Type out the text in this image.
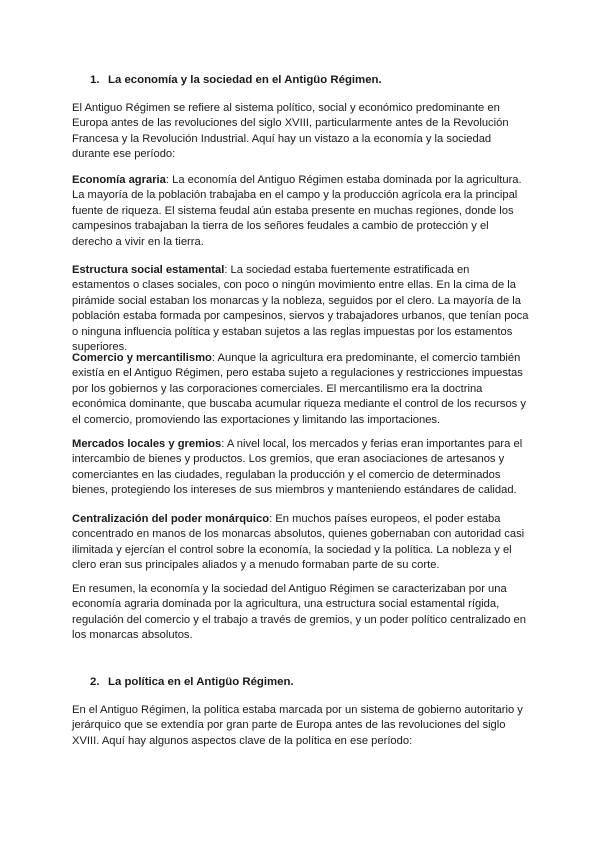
1. La economía y la sociedad en el Antigüo Régimen.

El Antiguo Régimen se refiere al sistema político, social y económico predominante en Europa antes de las revoluciones del siglo XVIII, particularmente antes de la Revolución Francesa y la Revolución Industrial. Aquí hay un vistazo a la economía y la sociedad durante ese período:

Economía agraria: La economía del Antiguo Régimen estaba dominada por la agricultura. La mayoría de la población trabajaba en el campo y la producción agrícola era la principal fuente de riqueza. El sistema feudal aún estaba presente en muchas regiones, donde los campesinos trabajaban la tierra de los señores feudales a cambio de protección y el derecho a vivir en la tierra.

Estructura social estamental: La sociedad estaba fuertemente estratificada en estamentos o clases sociales, con poco o ningún movimiento entre ellas. En la cima de la pirámide social estaban los monarcas y la nobleza, seguidos por el clero. La mayoría de la población estaba formada por campesinos, siervos y trabajadores urbanos, que tenían poca o ninguna influencia política y estaban sujetos a las reglas impuestas por los estamentos superiores.

Comercio y mercantilismo: Aunque la agricultura era predominante, el comercio también existía en el Antiguo Régimen, pero estaba sujeto a regulaciones y restricciones impuestas por los gobiernos y las corporaciones comerciales. El mercantilismo era la doctrina económica dominante, que buscaba acumular riqueza mediante el control de los recursos y el comercio, promoviendo las exportaciones y limitando las importaciones.

Mercados locales y gremios: A nivel local, los mercados y ferias eran importantes para el intercambio de bienes y productos. Los gremios, que eran asociaciones de artesanos y comerciantes en las ciudades, regulaban la producción y el comercio de determinados bienes, protegiendo los intereses de sus miembros y manteniendo estándares de calidad.

Centralización del poder monárquico: En muchos países europeos, el poder estaba concentrado en manos de los monarcas absolutos, quienes gobernaban con autoridad casi ilimitada y ejercían el control sobre la economía, la sociedad y la política. La nobleza y el clero eran sus principales aliados y a menudo formaban parte de su corte.

En resumen, la economía y la sociedad del Antiguo Régimen se caracterizaban por una economía agraria dominada por la agricultura, una estructura social estamental rígida, regulación del comercio y el trabajo a través de gremios, y un poder político centralizado en los monarcas absolutos.

2. La política en el Antigüo Régimen.

En el Antiguo Régimen, la política estaba marcada por un sistema de gobierno autoritario y jerárquico que se extendía por gran parte de Europa antes de las revoluciones del siglo XVIII. Aquí hay algunos aspectos clave de la política en ese período:
